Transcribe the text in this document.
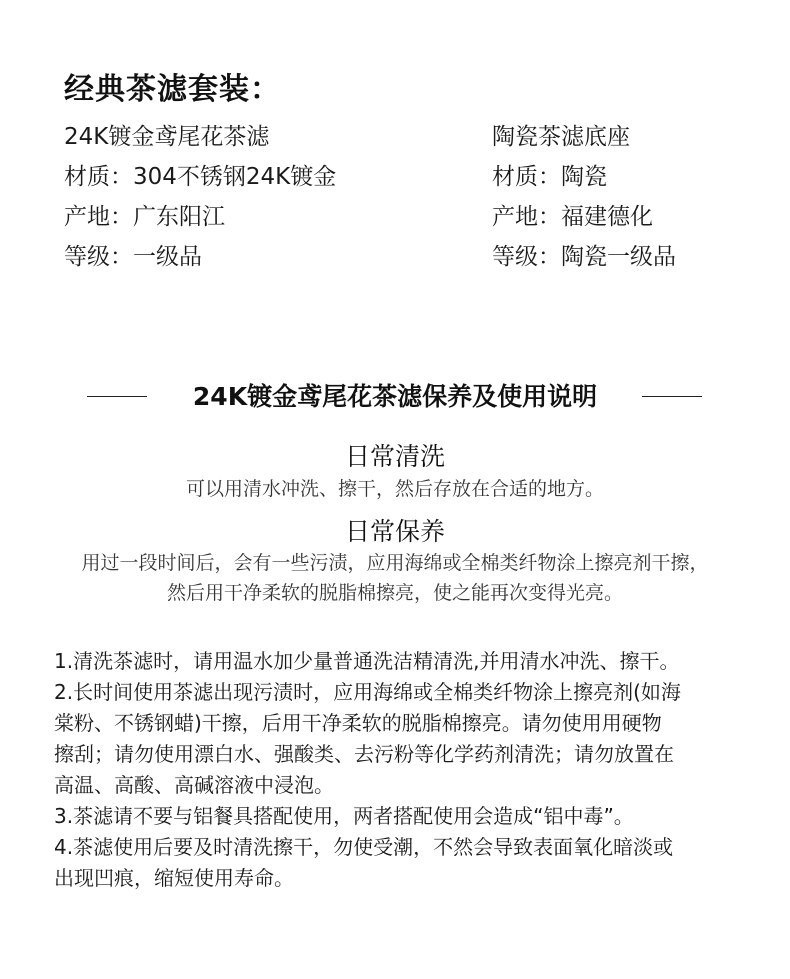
经典茶滤套装：
24K镀金鸢尾花茶滤
材质：304不锈钢24K镀金
产地：广东阳江
等级：一级品
陶瓷茶滤底座
材质：陶瓷
产地：福建德化
等级：陶瓷一级品
24K镀金鸢尾花茶滤保养及使用说明
日常清洗
可以用清水冲洗、擦干，然后存放在合适的地方。
日常保养
用过一段时间后，会有一些污渍，应用海绵或全棉类纤物涂上擦亮剂干擦，
然后用干净柔软的脱脂棉擦亮，使之能再次变得光亮。
1.清洗茶滤时，请用温水加少量普通洗洁精清洗,并用清水冲洗、擦干。
2.长时间使用茶滤出现污渍时，应用海绵或全棉类纤物涂上擦亮剂(如海
棠粉、不锈钢蜡)干擦，后用干净柔软的脱脂棉擦亮。请勿使用用硬物
擦刮；请勿使用漂白水、强酸类、去污粉等化学药剂清洗；请勿放置在
高温、高酸、高碱溶液中浸泡。
3.茶滤请不要与铝餐具搭配使用，两者搭配使用会造成“铝中毒”。
4.茶滤使用后要及时清洗擦干，勿使受潮，不然会导致表面氧化暗淡或
出现凹痕，缩短使用寿命。
